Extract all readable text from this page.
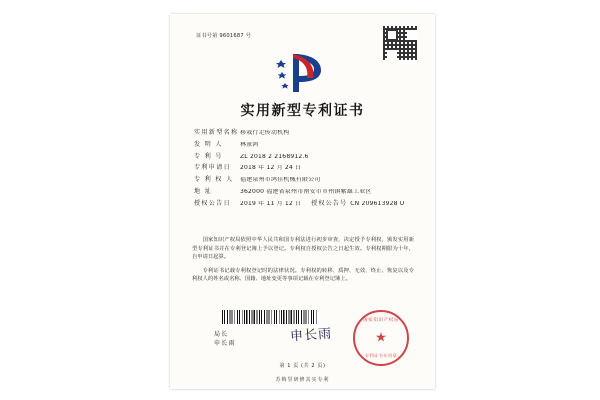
证书号第 9601687 号
实用新型专利证书
实用新型名称 移栽行走传动机构
发 明 人	林景鸿
专 利 号	ZL 2018 2 2168912.6
专利申请日	2018 年 12 月 24 日
专 利 权 人	福建泉州市鸿佳机械有限公司
地 址	362000 福建省泉州市南安市市州镇紫雄工业区
授权公告日	2019 年 11 月 12 日 授权公告号 CN 209613928 U

国家知识产权局依照中华人民共和国专利法进行初步审查，决定授予专利权，颁发实用新型专利证书并在专利登记簿上予以登记。专利权自授权公告之日起生效。专利权期限为十年，自申请日起算。

专利证书记载专利权登记时的法律状况。专利权的转移、质押、无效、终止、恢复以及专利权人的姓名或名称、国籍、地址变更等事项记载在专利登记簿上。

局长
申长雨	申长雨
国家知识产权局
★
专利证书专用章
第 1 页 (共 2 页)
苏梅里研修其实专利
